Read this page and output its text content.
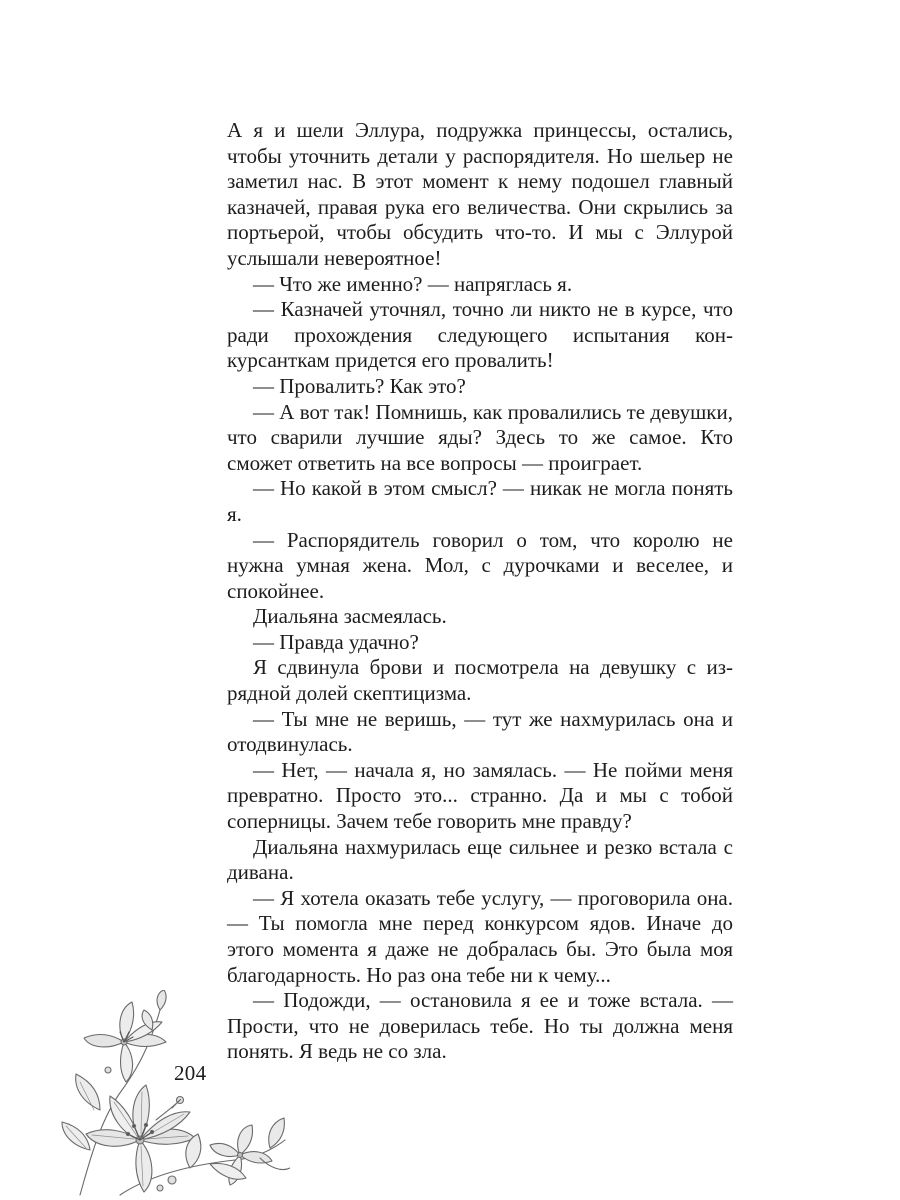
А я и шели Эллура, подружка принцессы, остались, чтобы уточнить детали у распорядителя. Но шельер не заметил нас. В этот момент к нему подошел главный казначей, правая рука его величества. Они скрылись за портьерой, чтобы обсудить что-то. И мы с Эллурой услышали невероятное!

— Что же именно? — напряглась я.

— Казначей уточнял, точно ли никто не в курсе, что ради прохождения следующего испытания конкурсанткам придется его провалить!

— Провалить? Как это?

— А вот так! Помнишь, как провалились те девушки, что сварили лучшие яды? Здесь то же самое. Кто сможет ответить на все вопросы — проиграет.

— Но какой в этом смысл? — никак не могла понять я.

— Распорядитель говорил о том, что королю не нужна умная жена. Мол, с дурочками и веселее, и спокойнее.

Диальяна засмеялась.

— Правда удачно?

Я сдвинула брови и посмотрела на девушку с изрядной долей скептицизма.

— Ты мне не веришь, — тут же нахмурилась она и отодвинулась.

— Нет, — начала я, но замялась. — Не пойми меня превратно. Просто это... странно. Да и мы с тобой соперницы. Зачем тебе говорить мне правду?

Диальяна нахмурилась еще сильнее и резко встала с дивана.

— Я хотела оказать тебе услугу, — проговорила она. — Ты помогла мне перед конкурсом ядов. Иначе до этого момента я даже не добралась бы. Это была моя благодарность. Но раз она тебе ни к чему...

— Подожди, — остановила я ее и тоже встала. — Прости, что не доверилась тебе. Но ты должна меня понять. Я ведь не со зла.

204
